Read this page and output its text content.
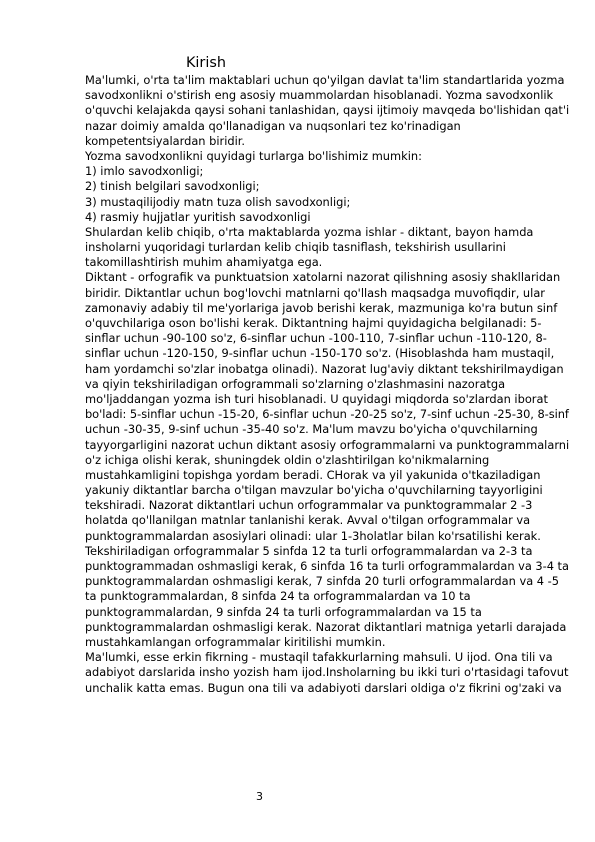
Kirish
Ma'lumki, o'rta ta'lim maktablari uchun qo'yilgan davlat ta'lim standartlarida yozma
savodxonlikni o'stirish eng asosiy muammolardan hisoblanadi. Yozma savodxonlik
o'quvchi kelajakda qaysi sohani tanlashidan, qaysi ijtimoiy mavqeda bo'lishidan qat'i
nazar doimiy amalda qo'llanadigan va nuqsonlari tez ko'rinadigan
kompetentsiyalardan biridir.
Yozma savodxonlikni quyidagi turlarga bo'lishimiz mumkin:
1) imlo savodxonligi;
2) tinish belgilari savodxonligi;
3) mustaqilijodiy matn tuza olish savodxonligi;
4) rasmiy hujjatlar yuritish savodxonligi
Shulardan kelib chiqib, o'rta maktablarda yozma ishlar - diktant, bayon hamda
insholarni yuqoridagi turlardan kelib chiqib tasniflash, tekshirish usullarini
takomillashtirish muhim ahamiyatga ega.
Diktant - orfografik va punktuatsion xatolarni nazorat qilishning asosiy shakllaridan
biridir. Diktantlar uchun bog'lovchi matnlarni qo'llash maqsadga muvofiqdir, ular
zamonaviy adabiy til me'yorlariga javob berishi kerak, mazmuniga ko'ra butun sinf
o'quvchilariga oson bo'lishi kerak. Diktantning hajmi quyidagicha belgilanadi: 5-
sinflar uchun -90-100 so'z, 6-sinflar uchun -100-110, 7-sinflar uchun -110-120, 8-
sinflar uchun -120-150, 9-sinflar uchun -150-170 so'z. (Hisoblashda ham mustaqil,
ham yordamchi so'zlar inobatga olinadi). Nazorat lug'aviy diktant tekshirilmaydigan
va qiyin tekshiriladigan orfogrammali so'zlarning o'zlashmasini nazoratga
mo'ljaddangan yozma ish turi hisoblanadi. U quyidagi miqdorda so'zlardan iborat
bo'ladi: 5-sinflar uchun -15-20, 6-sinflar uchun -20-25 so'z, 7-sinf uchun -25-30, 8-sinf
uchun -30-35, 9-sinf uchun -35-40 so'z. Ma'lum mavzu bo'yicha o'quvchilarning
tayyorgarligini nazorat uchun diktant asosiy orfogrammalarni va punktogrammalarni
o'z ichiga olishi kerak, shuningdek oldin o'zlashtirilgan ko'nikmalarning
mustahkamligini topishga yordam beradi. CHorak va yil yakunida o'tkaziladigan
yakuniy diktantlar barcha o'tilgan mavzular bo'yicha o'quvchilarning tayyorligini
tekshiradi. Nazorat diktantlari uchun orfogrammalar va punktogrammalar 2 -3
holatda qo'llanilgan matnlar tanlanishi kerak. Avval o'tilgan orfogrammalar va
punktogrammalardan asosiylari olinadi: ular 1-3holatlar bilan ko'rsatilishi kerak.
Tekshiriladigan orfogrammalar 5 sinfda 12 ta turli orfogrammalardan va 2-3 ta
punktogrammadan oshmasligi kerak, 6 sinfda 16 ta turli orfogrammalardan va 3-4 ta
punktogrammalardan oshmasligi kerak, 7 sinfda 20 turli orfogrammalardan va 4 -5
ta punktogrammalardan, 8 sinfda 24 ta orfogrammalardan va 10 ta
punktogrammalardan, 9 sinfda 24 ta turli orfogrammalardan va 15 ta
punktogrammalardan oshmasligi kerak. Nazorat diktantlari matniga yetarli darajada
mustahkamlangan orfogrammalar kiritilishi mumkin.
Ma'lumki, esse erkin fikrning - mustaqil tafakkurlarning mahsuli. U ijod. Ona tili va
adabiyot darslarida insho yozish ham ijod.Insholarning bu ikki turi o'rtasidagi tafovut
unchalik katta emas. Bugun ona tili va adabiyoti darslari oldiga o'z fikrini og'zaki va
3
